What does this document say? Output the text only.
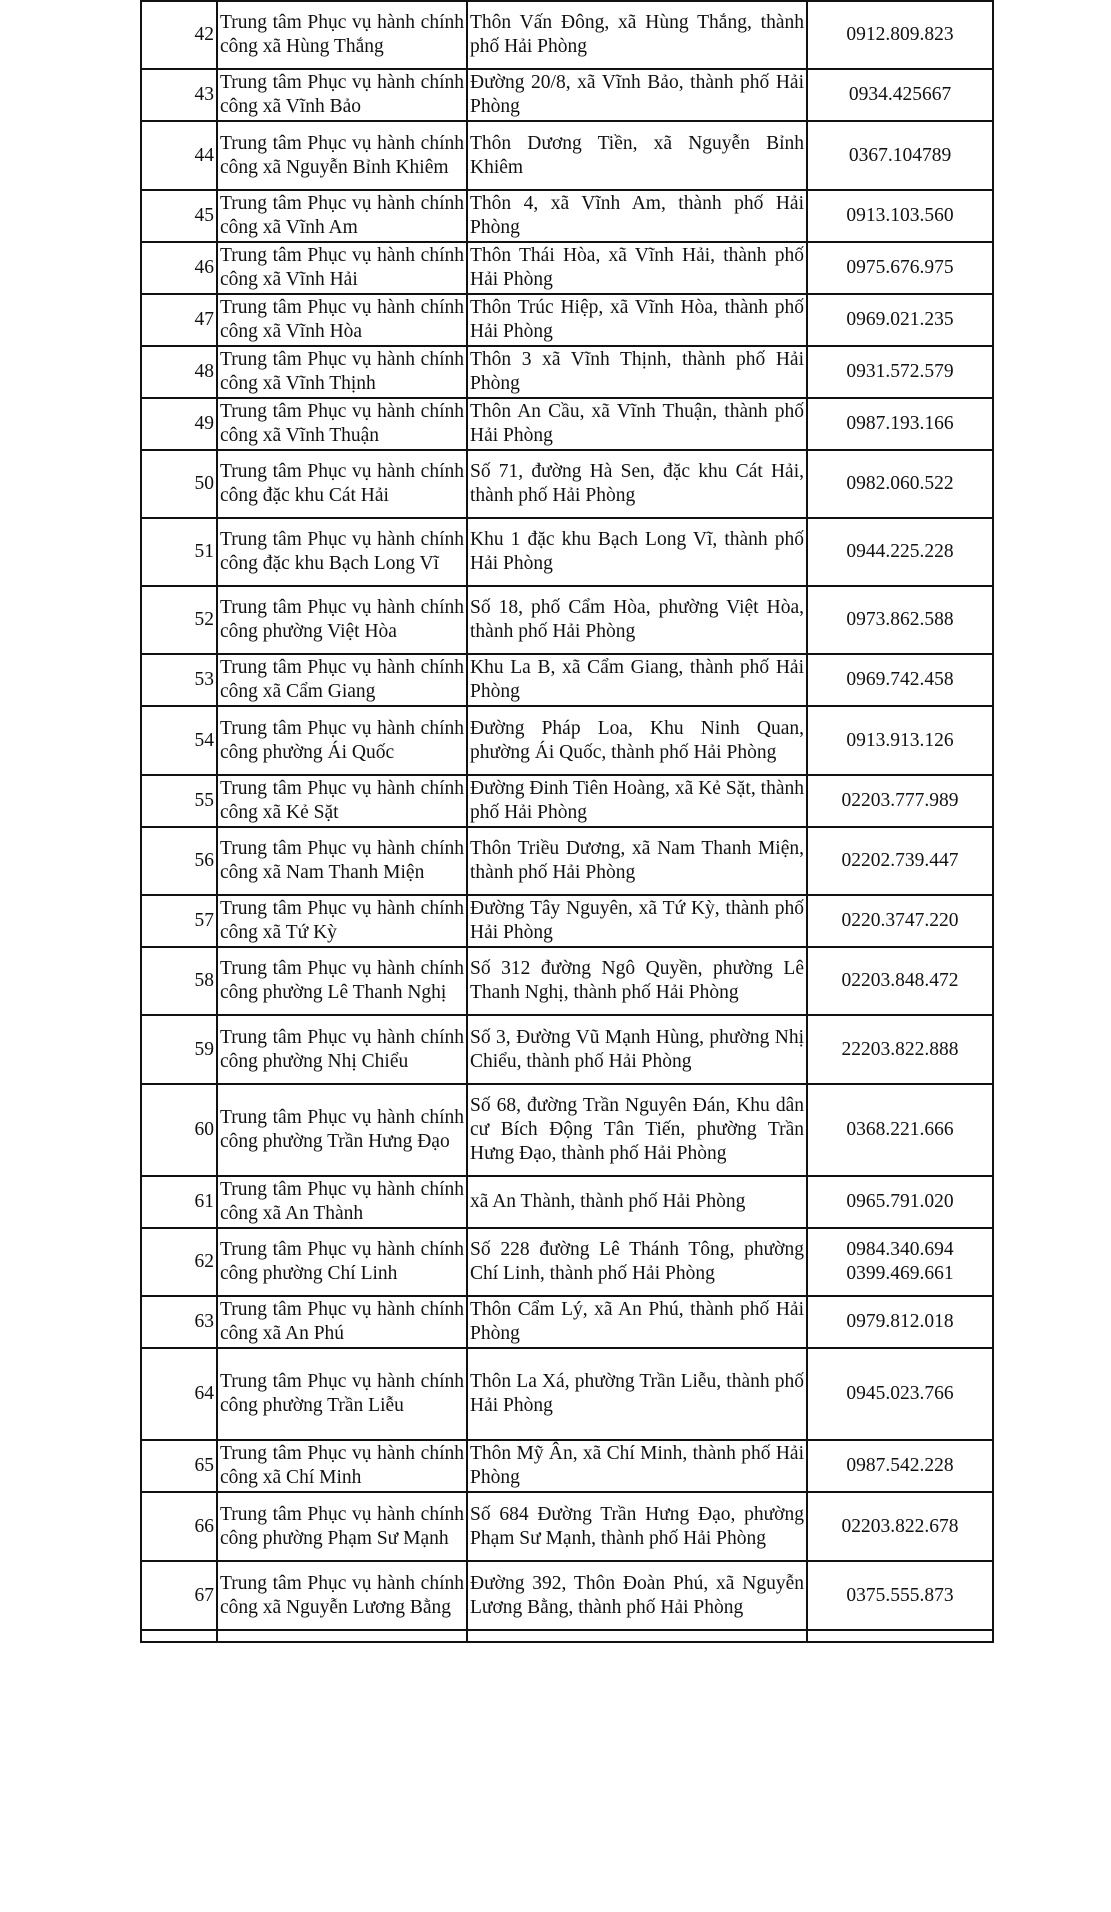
42	Trung tâm Phục vụ hành chính công xã Hùng Thắng	Thôn Vấn Đông, xã Hùng Thắng, thành phố Hải Phòng	0912.809.823

43	Trung tâm Phục vụ hành chính công xã Vĩnh Bảo	Đường 20/8, xã Vĩnh Bảo, thành phố Hải Phòng	0934.425667

44	Trung tâm Phục vụ hành chính công xã Nguyễn Bỉnh Khiêm	Thôn Dương Tiền, xã Nguyễn Bỉnh Khiêm	0367.104789

45	Trung tâm Phục vụ hành chính công xã Vĩnh Am	Thôn 4, xã Vĩnh Am, thành phố Hải Phòng	0913.103.560

46	Trung tâm Phục vụ hành chính công xã Vĩnh Hải	Thôn Thái Hòa, xã Vĩnh Hải, thành phố Hải Phòng	0975.676.975

47	Trung tâm Phục vụ hành chính công xã Vĩnh Hòa	Thôn Trúc Hiệp, xã Vĩnh Hòa, thành phố Hải Phòng	0969.021.235

48	Trung tâm Phục vụ hành chính công xã Vĩnh Thịnh	Thôn 3 xã Vĩnh Thịnh, thành phố Hải Phòng	0931.572.579

49	Trung tâm Phục vụ hành chính công xã Vĩnh Thuận	Thôn An Cầu, xã Vĩnh Thuận, thành phố Hải Phòng	0987.193.166

50	Trung tâm Phục vụ hành chính công đặc khu Cát Hải	Số 71, đường Hà Sen, đặc khu Cát Hải, thành phố Hải Phòng	0982.060.522

51	Trung tâm Phục vụ hành chính công đặc khu Bạch Long Vĩ	Khu 1 đặc khu Bạch Long Vĩ, thành phố Hải Phòng	0944.225.228

52	Trung tâm Phục vụ hành chính công phường Việt Hòa	Số 18, phố Cẩm Hòa, phường Việt Hòa, thành phố Hải Phòng	0973.862.588

53	Trung tâm Phục vụ hành chính công xã Cẩm Giang	Khu La B, xã Cẩm Giang, thành phố Hải Phòng	0969.742.458

54	Trung tâm Phục vụ hành chính công phường Ái Quốc	Đường Pháp Loa, Khu Ninh Quan, phường Ái Quốc, thành phố Hải Phòng	0913.913.126

55	Trung tâm Phục vụ hành chính công xã Kẻ Sặt	Đường Đinh Tiên Hoàng, xã Kẻ Sặt, thành phố Hải Phòng	02203.777.989

56	Trung tâm Phục vụ hành chính công xã Nam Thanh Miện	Thôn Triều Dương, xã Nam Thanh Miện, thành phố Hải Phòng	02202.739.447

57	Trung tâm Phục vụ hành chính công xã Tứ Kỳ	Đường Tây Nguyên, xã Tứ Kỳ, thành phố Hải Phòng	0220.3747.220

58	Trung tâm Phục vụ hành chính công phường Lê Thanh Nghị	Số 312 đường Ngô Quyền, phường Lê Thanh Nghị, thành phố Hải Phòng	02203.848.472

59	Trung tâm Phục vụ hành chính công phường Nhị Chiểu	Số 3, Đường Vũ Mạnh Hùng, phường Nhị Chiểu, thành phố Hải Phòng	22203.822.888

60	Trung tâm Phục vụ hành chính công phường Trần Hưng Đạo	Số 68, đường Trần Nguyên Đán, Khu dân cư Bích Động Tân Tiến, phường Trần Hưng Đạo, thành phố Hải Phòng	0368.221.666

61	Trung tâm Phục vụ hành chính công xã An Thành	xã An Thành, thành phố Hải Phòng	0965.791.020

62	Trung tâm Phục vụ hành chính công phường Chí Linh	Số 228 đường Lê Thánh Tông, phường Chí Linh, thành phố Hải Phòng	0984.340.694
0399.469.661

63	Trung tâm Phục vụ hành chính công xã An Phú	Thôn Cẩm Lý, xã An Phú, thành phố Hải Phòng	0979.812.018

64	Trung tâm Phục vụ hành chính công phường Trần Liễu	Thôn La Xá, phường Trần Liễu, thành phố Hải Phòng	0945.023.766

65	Trung tâm Phục vụ hành chính công xã Chí Minh	Thôn Mỹ Ân, xã Chí Minh, thành phố Hải Phòng	0987.542.228

66	Trung tâm Phục vụ hành chính công phường Phạm Sư Mạnh	Số 684 Đường Trần Hưng Đạo, phường Phạm Sư Mạnh, thành phố Hải Phòng	02203.822.678

67	Trung tâm Phục vụ hành chính công xã Nguyễn Lương Bằng	Đường 392, Thôn Đoàn Phú, xã Nguyễn Lương Bằng, thành phố Hải Phòng	0375.555.873
